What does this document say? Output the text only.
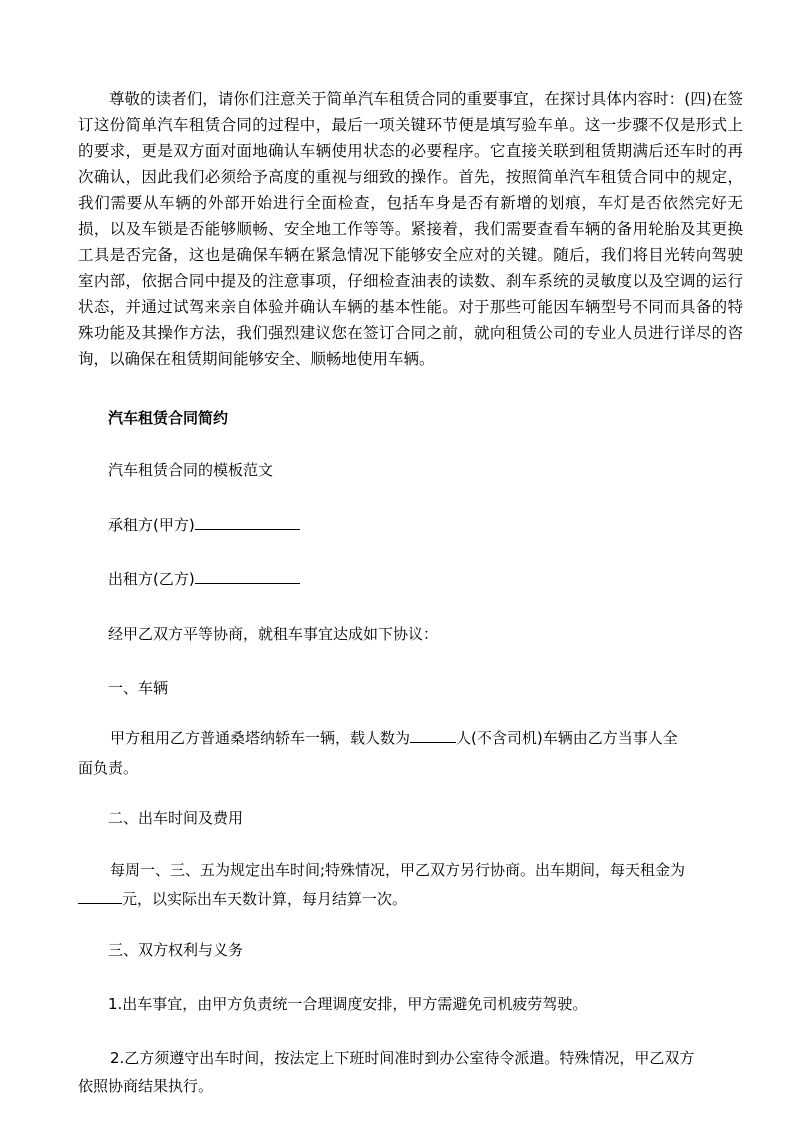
尊敬的读者们，请你们注意关于简单汽车租赁合同的重要事宜，在探讨具体内容时：(四)在签订这份简单汽车租赁合同的过程中，最后一项关键环节便是填写验车单。这一步骤不仅是形式上的要求，更是双方面对面地确认车辆使用状态的必要程序。它直接关联到租赁期满后还车时的再次确认，因此我们必须给予高度的重视与细致的操作。首先，按照简单汽车租赁合同中的规定，我们需要从车辆的外部开始进行全面检查，包括车身是否有新增的划痕，车灯是否依然完好无损，以及车锁是否能够顺畅、安全地工作等等。紧接着，我们需要查看车辆的备用轮胎及其更换工具是否完备，这也是确保车辆在紧急情况下能够安全应对的关键。随后，我们将目光转向驾驶室内部，依据合同中提及的注意事项，仔细检查油表的读数、刹车系统的灵敏度以及空调的运行状态，并通过试驾来亲自体验并确认车辆的基本性能。对于那些可能因车辆型号不同而具备的特殊功能及其操作方法，我们强烈建议您在签订合同之前，就向租赁公司的专业人员进行详尽的咨询，以确保在租赁期间能够安全、顺畅地使用车辆。

汽车租赁合同简约

汽车租赁合同的模板范文

承租方(甲方)

出租方(乙方)

经甲乙双方平等协商，就租车事宜达成如下协议：

一、车辆

甲方租用乙方普通桑塔纳轿车一辆，载人数为	人(不含司机)车辆由乙方当事人全

面负责。

二、出车时间及费用

每周一、三、五为规定出车时间;特殊情况，甲乙双方另行协商。出车期间，每天租金为

元，以实际出车天数计算，每月结算一次。

三、双方权利与义务

1.出车事宜，由甲方负责统一合理调度安排，甲方需避免司机疲劳驾驶。

2.乙方须遵守出车时间，按法定上下班时间准时到办公室待令派遣。特殊情况，甲乙双方

依照协商结果执行。
